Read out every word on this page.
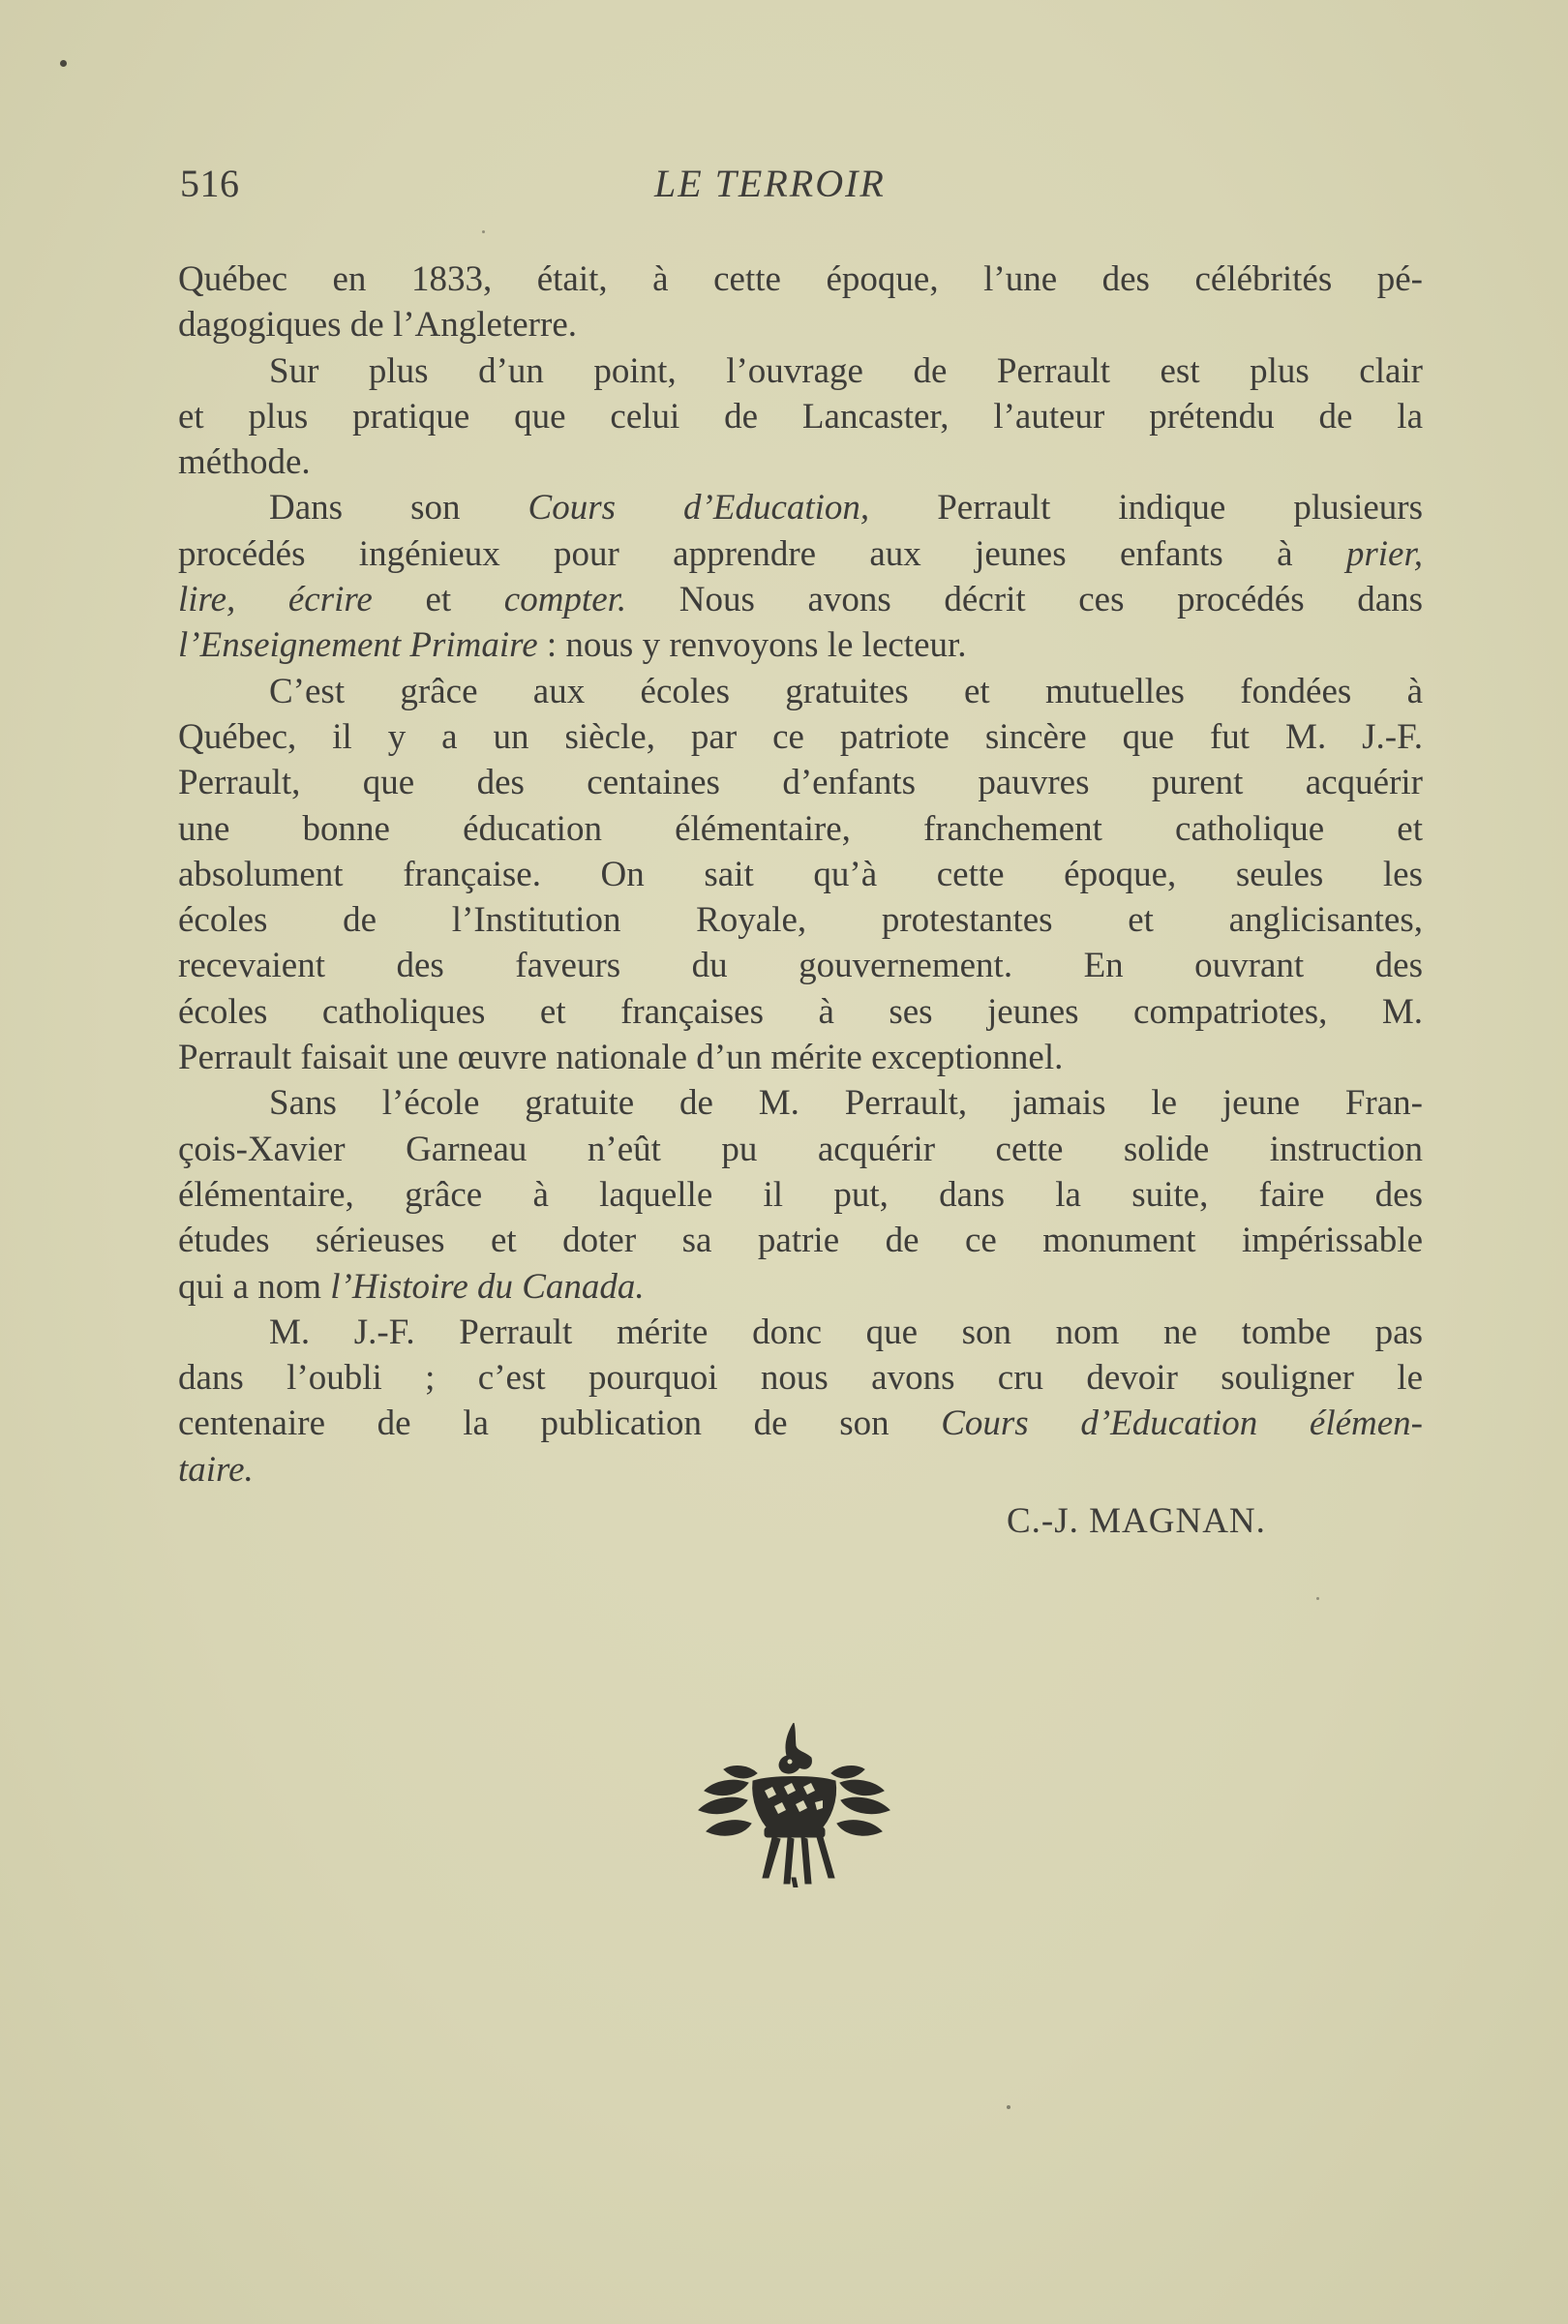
516	LE TERROIR
Québec en 1833, était, à cette époque, l’une des célébrités pé-
dagogiques de l’Angleterre.
Sur plus d’un point, l’ouvrage de Perrault est plus clair
et plus pratique que celui de Lancaster, l’auteur prétendu de la
méthode.
Dans son Cours d’Education, Perrault indique plusieurs
procédés ingénieux pour apprendre aux jeunes enfants à prier,
lire, écrire et compter. Nous avons décrit ces procédés dans
l’Enseignement Primaire : nous y renvoyons le lecteur.
C’est grâce aux écoles gratuites et mutuelles fondées à
Québec, il y a un siècle, par ce patriote sincère que fut M. J.-F.
Perrault, que des centaines d’enfants pauvres purent acquérir
une bonne éducation élémentaire, franchement catholique et
absolument française. On sait qu’à cette époque, seules les
écoles de l’Institution Royale, protestantes et anglicisantes,
recevaient des faveurs du gouvernement. En ouvrant des
écoles catholiques et françaises à ses jeunes compatriotes, M.
Perrault faisait une œuvre nationale d’un mérite exceptionnel.
Sans l’école gratuite de M. Perrault, jamais le jeune Fran-
çois-Xavier Garneau n’eût pu acquérir cette solide instruction
élémentaire, grâce à laquelle il put, dans la suite, faire des
études sérieuses et doter sa patrie de ce monument impérissable
qui a nom l’Histoire du Canada.
M. J.-F. Perrault mérite donc que son nom ne tombe pas
dans l’oubli ; c’est pourquoi nous avons cru devoir souligner le
centenaire de la publication de son Cours d’Education élémen-
taire.
C.-J. MAGNAN.
